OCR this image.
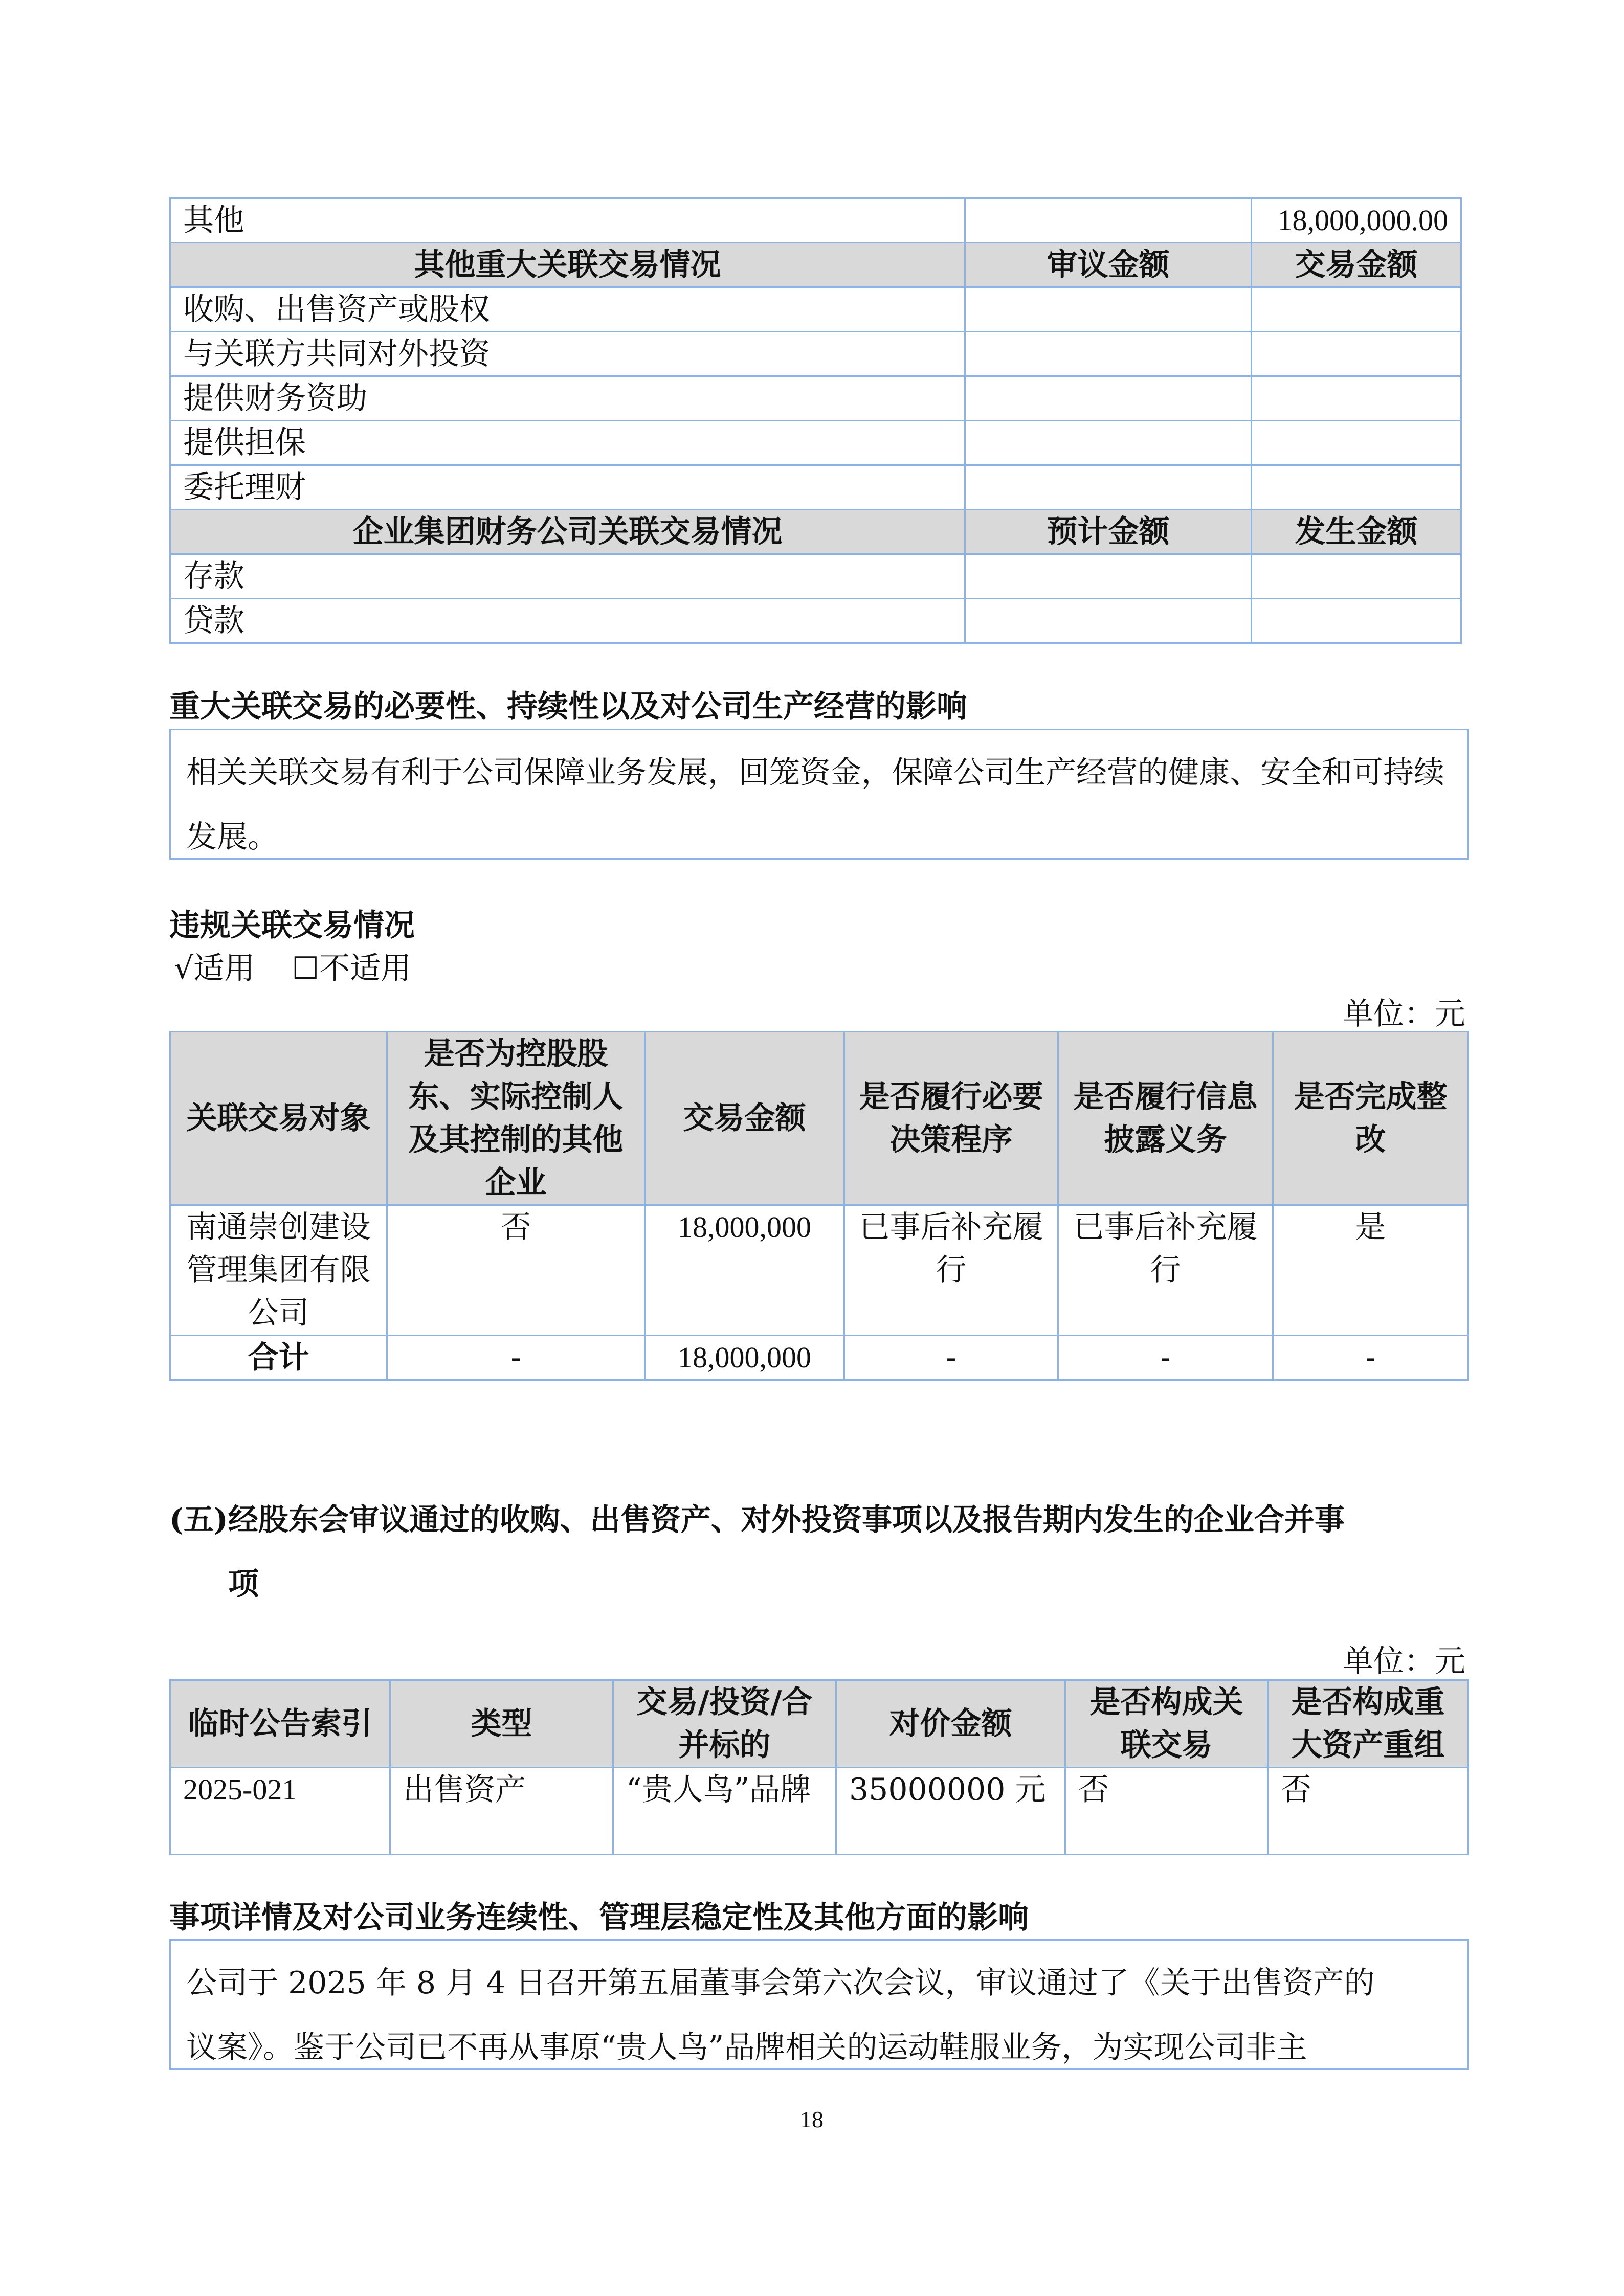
其他		18,000,000.00
其他重大关联交易情况	审议金额	交易金额
收购、出售资产或股权		
与关联方共同对外投资		
提供财务资助		
提供担保		
委托理财		
企业集团财务公司关联交易情况	预计金额	发生金额
存款		
贷款		
重大关联交易的必要性、持续性以及对公司生产经营的影响
相关关联交易有利于公司保障业务发展，回笼资金，保障公司生产经营的健康、安全和可持续发展。
违规关联交易情况
√适用 ☐不适用
单位：元
关联交易对象	是否为控股股东、实际控制人及其控制的其他企业	交易金额	是否履行必要决策程序	是否履行信息披露义务	是否完成整改
南通崇创建设管理集团有限公司	否	18,000,000	已事后补充履行	已事后补充履行	是
合计	-	18,000,000	-	-	-
(五)经股东会审议通过的收购、出售资产、对外投资事项以及报告期内发生的企业合并事
项
单位：元
临时公告索引	类型	交易/投资/合并标的	对价金额	是否构成关联交易	是否构成重大资产重组
2025-021	出售资产	“贵人鸟”品牌	35000000 元	否	否
事项详情及对公司业务连续性、管理层稳定性及其他方面的影响
公司于 2025 年 8 月 4 日召开第五届董事会第六次会议，审议通过了《关于出售资产的
议案》。鉴于公司已不再从事原“贵人鸟”品牌相关的运动鞋服业务，为实现公司非主
18
